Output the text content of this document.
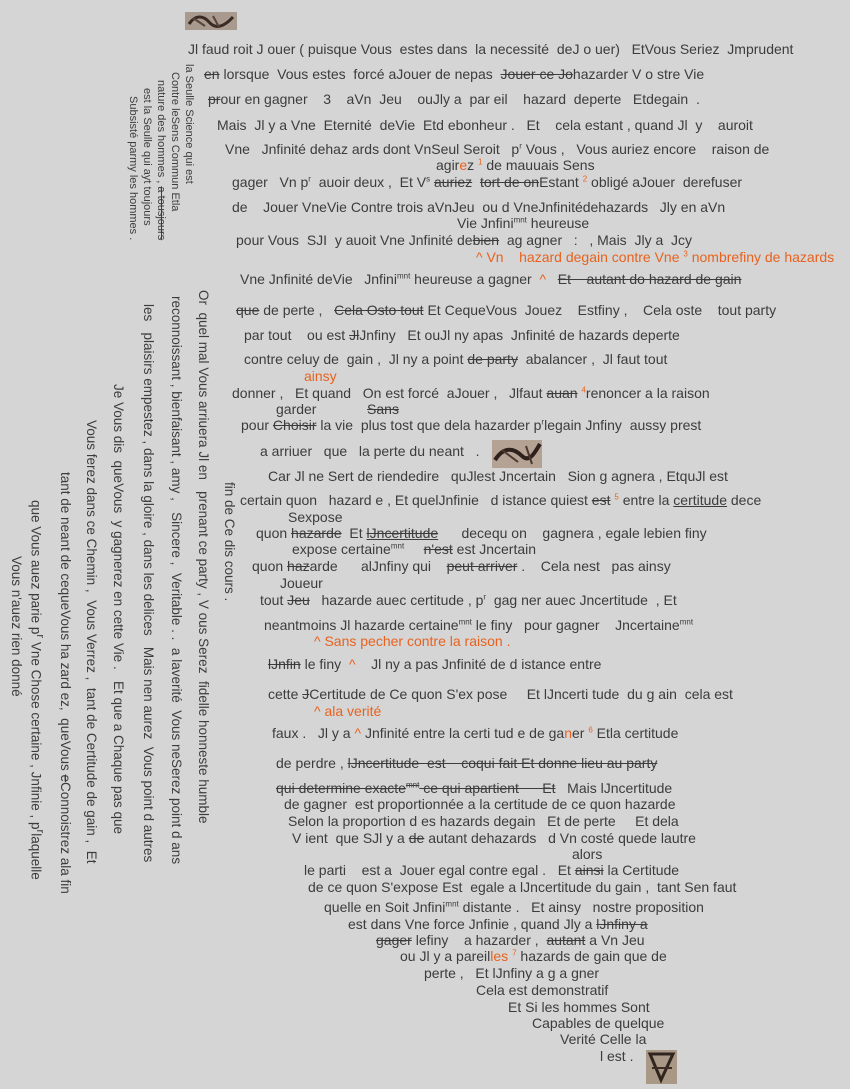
Jl faud roit J ouer ( puisque Vous  estes dans  la necessité  deJ o uer)   EtVous Seriez  Jmprudent
en lorsque  Vous estes  forcé aJouer de nepas  Jouer ce Johazarder V o stre Vie
prour en gagner    3    aVn  Jeu    ouJly a  par eil    hazard  deperte   Etdegain  .
Mais  Jl y a Vne  Eternité  deVie  Etd ebonheur .   Et    cela estant , quand Jl  y    auroit
Vne   Jnfinité dehaz ards dont VnSeul Seroit   $p^r$ Vous ,   Vous auriez encore    raison de
agirez $^1$ de mauuais Sens
gager   Vn $p^r$  auoir deux ,  Et $V^s$ auriez tort de onEstant $^2$ obligé aJouer  derefuser
de    Jouer VneVie Contre trois aVnJeu  ou d VneJnfinitédehazards   Jly en aVn
Vie Jnfini$^{mnt}$ heureuse
pour Vous  SJI  y auoit Vne Jnfinité debien  ag agner   :   , Mais  Jly a  Jcy
^ Vn    hazard degain contre Vne $^3$ nombrefiny de hazards
Vne Jnfinité deVie   Jnfini$^{mnt}$ heureuse a gagner  ^ Et    autant do hazard de gain
que de perte ,   Cela Osto tout Et CequeVous  Jouez    Estfiny ,    Cela oste    tout party
par tout    ou est JlJnfiny   Et ouJl ny apas  Jnfinité de hazards deperte
contre celuy de  gain ,  Jl ny a point de party  abalancer ,  Jl faut tout
ainsy
donner ,   Et quand   On est forcé  aJouer ,   Jlfaut auan $^4$renoncer a la raison
garder             Sans
pour Choisir la vie  plus tost que dela hazarder $p^rlegain$ Jnfiny  aussy prest
a arriuer   que   la perte du neant   .
Car Jl ne Sert de riendedire   quJlest Jncertain   Sion g agnera , EtquJl est
certain quon   hazard e , Et quelJnfinie   d istance quiest est $^5$ entre la certitude dece
Sexpose
quon hazarde  Et lJncertitude      decequ on    gagnera , egale lebien finy
expose certaine$^{mnt}$ n'est est Jncertain
quon hazarde      alJnfiny qui    peut arriver .    Cela nest   pas ainsy
Joueur
tout Jeu   hazarde auec certitude , $p^r$  gag ner auec Jncertitude  , Et
neantmoins Jl hazarde certaine$^{mnt}$ le finy   pour gagner    Jncertaine$^{mnt}$
^ Sans pecher contre la raison .
lJnfin le finy  ^    Jl ny a pas Jnfinité de d istance entre
cette JCertitude de Ce quon S'ex pose     Et lJncerti tude  du g ain  cela est
^ ala verité
faux .   Jl y a ^ Jnfinité entre la certi tud e de ganer $^6$ Etla certitude
de perdre , lJncertitude  est    coqui fait Et donne lieu au party
qui determine exacte$^{mnt}$ ce qui apartient      Et   Mais lJncertitude
de gagner  est proportionnée a la certitude de ce quon hazarde
Selon la proportion d es hazards degain   Et de perte     Et dela
V ient  que SJl y a de autant dehazards   d Vn costé quede lautre
alors
le parti    est a  Jouer egal contre egal .   Et ainsi la Certitude
de ce quon S'expose Est  egale a lJncertitude du gain ,  tant Sen faut
quelle en Soit Jnfini$^{mnt}$ distante .   Et ainsy   nostre proposition
est dans Vne force Jnfinie , quand Jly a lJnfiny a
gager lefiny    a hazarder ,  autant a Vn Jeu
ou Jl y a pareilles $^7$ hazards de gain que de
perte ,   Et lJnfiny a g a gner
Cela est demonstratif
Et Si les hommes Sont
Capables de quelque
Verité Celle la
l est .
la Seulle Science qui est
Contre leSens Commun Etla
nature des hommes , a tousjours
est la Seulle qui ayt toujours
Subsisté parmy les hommes .
fin de Ce dis cours .
Or  quel mal Vous arriuera Jl en   prenant ce party , V ous Serez  fidelle honneste humble
reconnoissant , bienfaisant , amy ,   Sincere ,  Veritable . .  a laverité  Vous neSerez point d ans
les   plaisirs empestez , dans la gloire , dans les delices   Mais nen aurez  Vous point d autres
Je Vous dis  queVous  y gagnerez en cette Vie .   Et que a Chaque pas que
Vous ferez dans ce Chemin ,  Vous Verrez ,  tant de Certitude de gain ,  Et
tant de neant de cequeVous ha zard ez,  queVous eConnoistrez ala fin
que Vous auez parie $p^r$ Vne Chose certaine , Jnfinie , $p^rlaquelle$
Vous n'auez rien donné
